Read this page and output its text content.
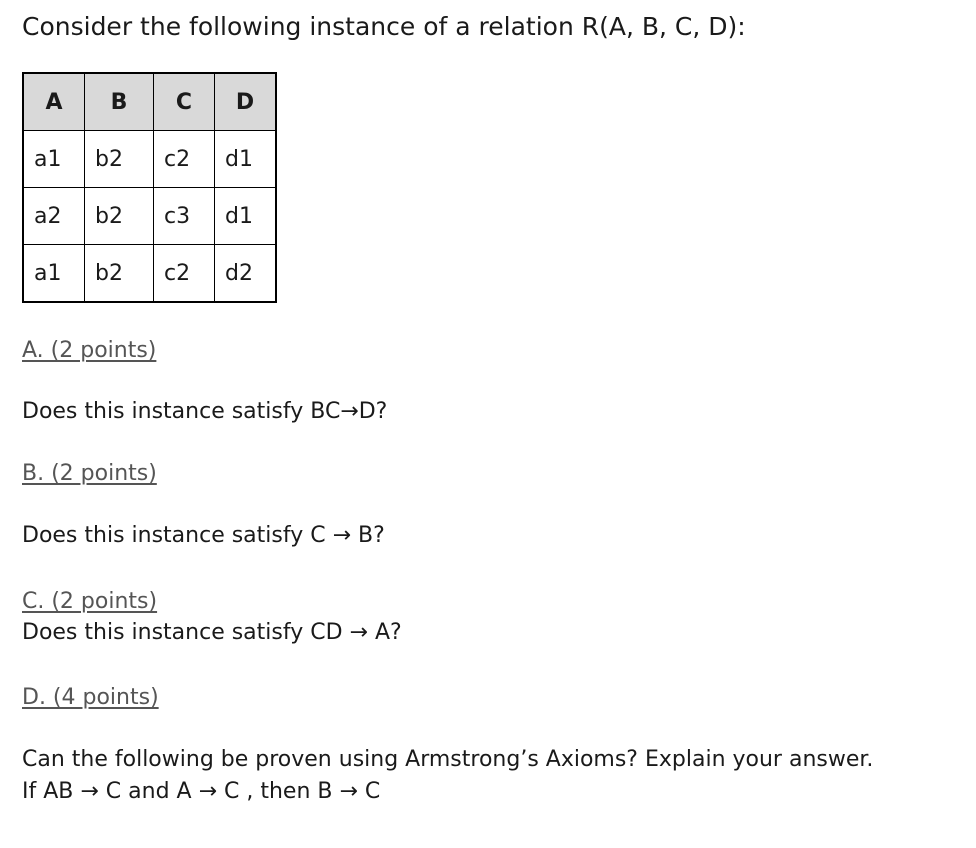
Consider the following instance of a relation R(A, B, C, D):

A	B	C	D
a1	b2	c2	d1
a2	b2	c3	d1
a1	b2	c2	d2

A. (2 points)

Does this instance satisfy BC→D?

B. (2 points)

Does this instance satisfy C → B?

C. (2 points)

Does this instance satisfy CD → A?

D. (4 points)

Can the following be proven using Armstrong’s Axioms? Explain your answer.

If AB → C and A → C , then B → C
